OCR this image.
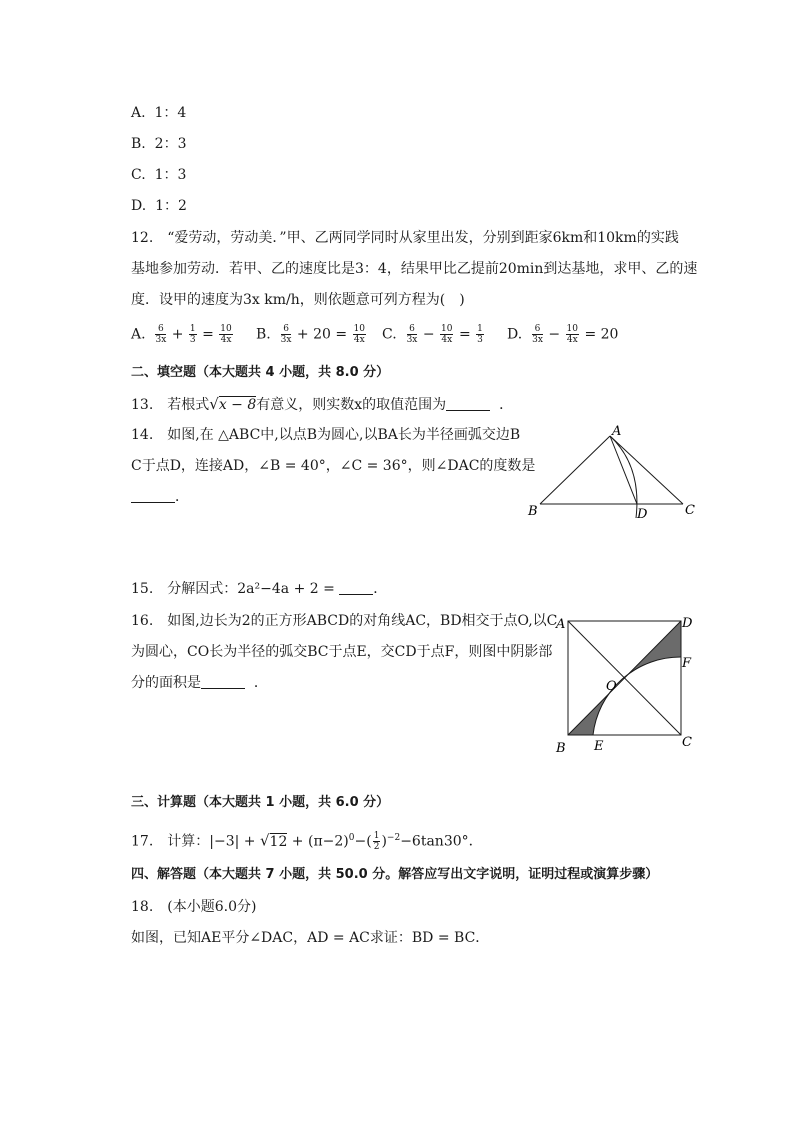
A. 1：4
B. 2：3
C. 1：3
D. 1：2
12.　“爱劳动，劳动美．”甲、乙两同学同时从家里出发，分别到距家6km和10km的实践
基地参加劳动．若甲、乙的速度比是3：4，结果甲比乙提前20min到达基地，求甲、乙的速
度．设甲的速度为3x km/h，则依题意可列方程为(　)
A. $\frac{6}{3x} + \frac{1}{3} = \frac{10}{4x} B$. $\frac{6}{3x} + 20 = \frac{10}{4x} C$. $\frac{6}{3x} - \frac{10}{4x} = \frac{1}{3} D$. $\frac{6}{3x} - \frac{10}{4x} = 20$
二、填空题（本大题共 4 小题，共 8.0 分）
13.　若根式√x − 8有意义，则实数x的取值范围为	．
14.　如图,在 △ABC中,以点B为圆心,以BA长为半径画弧交边B
C于点D，连接AD，∠B = 40°，∠C = 36°，则∠DAC的度数是
．
A
B	C
D
15.　分解因式：2a²−4a + 2 =	．
16.　如图,边长为2的正方形ABCD的对角线AC，BD相交于点O,以C
为圆心，CO长为半径的弧交BC于点E，交CD于点F，则图中阴影部
分的面积是	．
A	D
B	C
O
E
F
三、计算题（本大题共 1 小题，共 6.0 分）
17.　计算：$|-3| + √12 + (\pi-2)^0-( \frac{1}{2} )^{-2}-6\tan 30^\circ$．
四、解答题（本大题共 7 小题，共 50.0 分。解答应写出文字说明，证明过程或演算步骤）
18.　(本小题6.0分)
如图，已知AE平分∠DAC，AD = AC求证：BD = BC．
